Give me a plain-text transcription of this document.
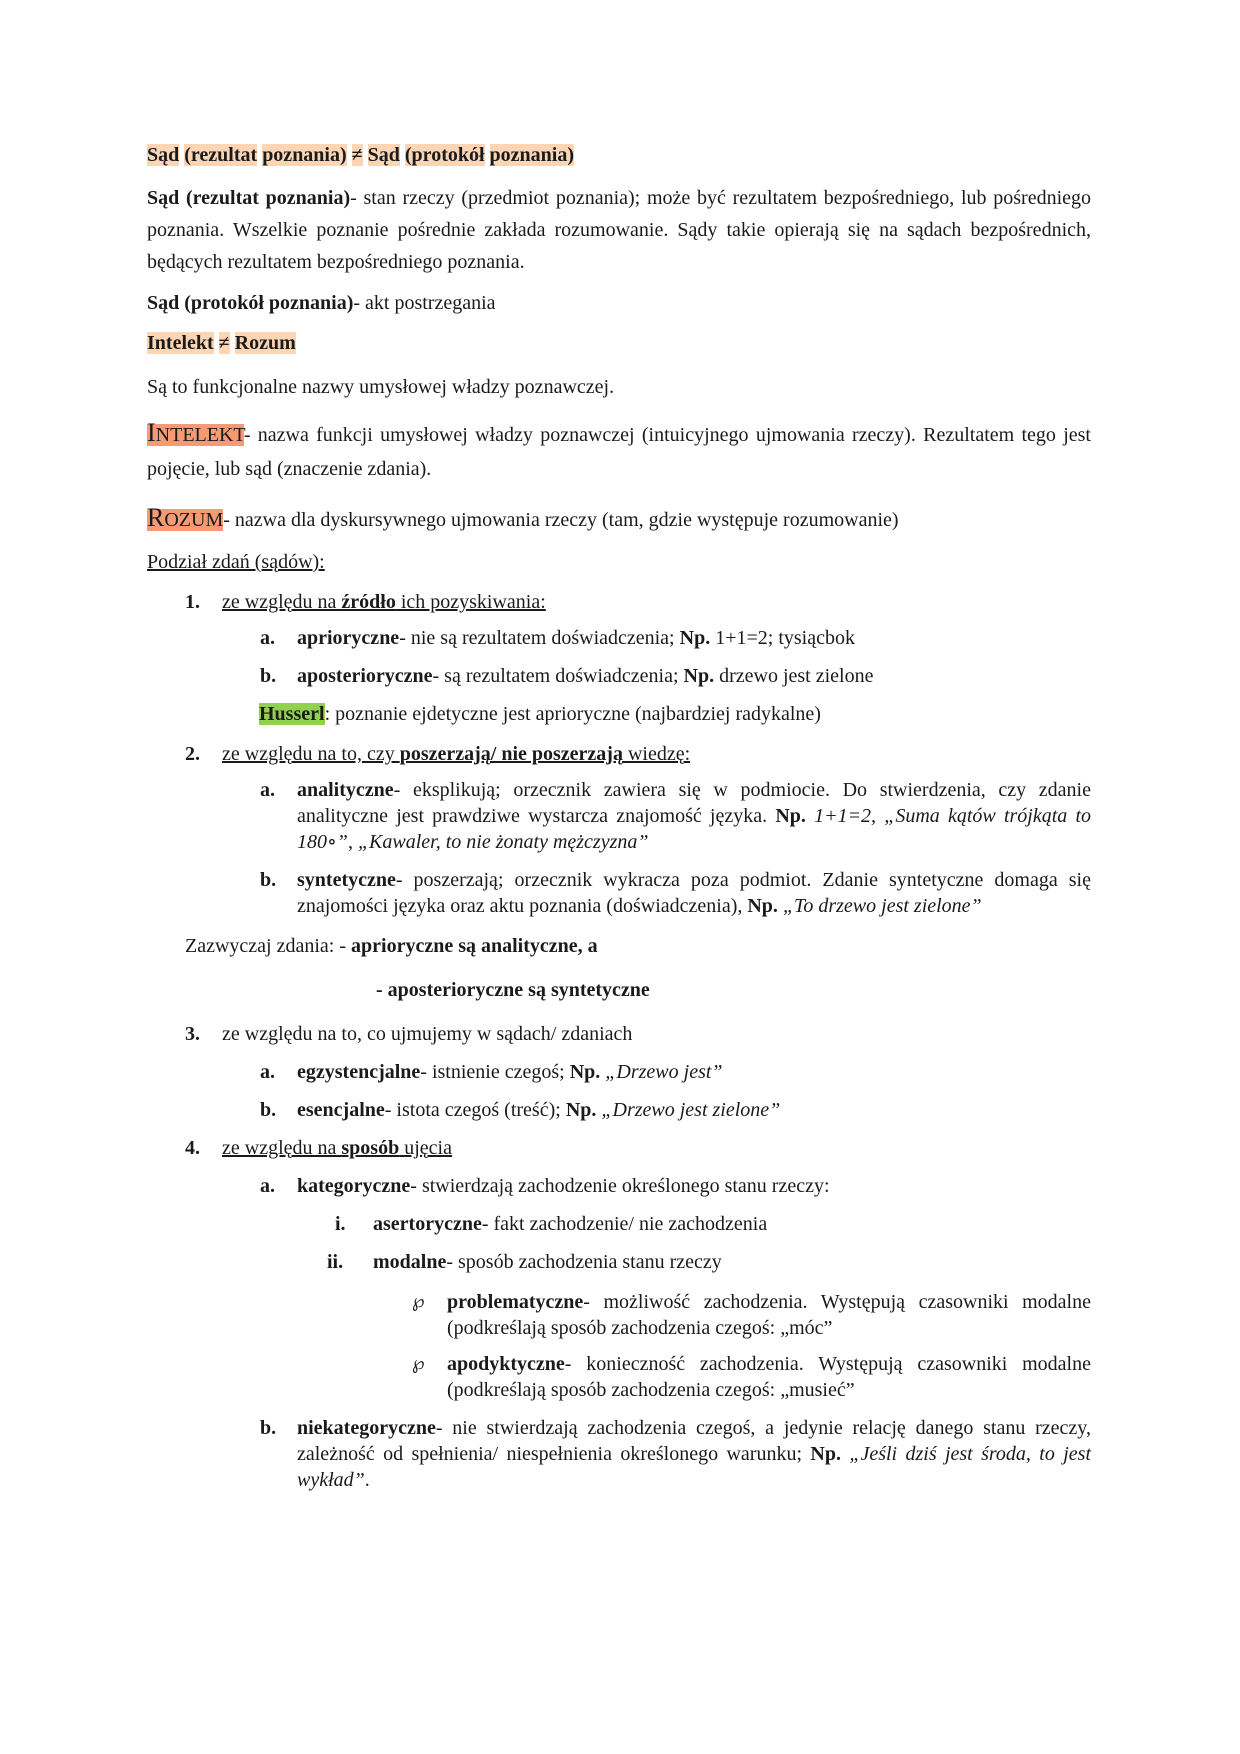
Sąd (rezultat poznania) ≠ Sąd (protokół poznania)

Sąd (rezultat poznania)- stan rzeczy (przedmiot poznania); może być rezultatem bezpośredniego, lub pośredniego poznania. Wszelkie poznanie pośrednie zakłada rozumowanie. Sądy takie opierają się na sądach bezpośrednich, będących rezultatem bezpośredniego poznania.

Sąd (protokół poznania)- akt postrzegania

Intelekt ≠ Rozum

Są to funkcjonalne nazwy umysłowej władzy poznawczej.

INTELEKT- nazwa funkcji umysłowej władzy poznawczej (intuicyjnego ujmowania rzeczy). Rezultatem tego jest pojęcie, lub sąd (znaczenie zdania).

ROZUM- nazwa dla dyskursywnego ujmowania rzeczy (tam, gdzie występuje rozumowanie)

Podział zdań (sądów):

1. ze względu na źródło ich pozyskiwania:
a. aprioryczne- nie są rezultatem doświadczenia; Np. 1+1=2; tysiącbok
b. aposterioryczne- są rezultatem doświadczenia; Np. drzewo jest zielone
Husserl: poznanie ejdetyczne jest aprioryczne (najbardziej radykalne)
2. ze względu na to, czy poszerzają/ nie poszerzają wiedzę:
a. analityczne- eksplikują; orzecznik zawiera się w podmiocie. Do stwierdzenia, czy zdanie analityczne jest prawdziwe wystarcza znajomość języka. Np. 1+1=2, „Suma kątów trójkąta to 180∘”, „Kawaler, to nie żonaty mężczyzna”
b. syntetyczne- poszerzają; orzecznik wykracza poza podmiot. Zdanie syntetyczne domaga się znajomości języka oraz aktu poznania (doświadczenia), Np. „To drzewo jest zielone”
Zazwyczaj zdania: - aprioryczne są analityczne, a
- aposterioryczne są syntetyczne
3. ze względu na to, co ujmujemy w sądach/ zdaniach
a. egzystencjalne- istnienie czegoś; Np. „Drzewo jest”
b. esencjalne- istota czegoś (treść); Np. „Drzewo jest zielone”
4. ze względu na sposób ujęcia
a. kategoryczne- stwierdzają zachodzenie określonego stanu rzeczy:
i. asertoryczne- fakt zachodzenie/ nie zachodzenia
ii. modalne- sposób zachodzenia stanu rzeczy
℘ problematyczne- możliwość zachodzenia. Występują czasowniki modalne (podkreślają sposób zachodzenia czegoś: „móc”
℘ apodyktyczne- konieczność zachodzenia. Występują czasowniki modalne (podkreślają sposób zachodzenia czegoś: „musieć”
b. niekategoryczne- nie stwierdzają zachodzenia czegoś, a jedynie relację danego stanu rzeczy, zależność od spełnienia/ niespełnienia określonego warunku; Np. „Jeśli dziś jest środa, to jest wykład”.
